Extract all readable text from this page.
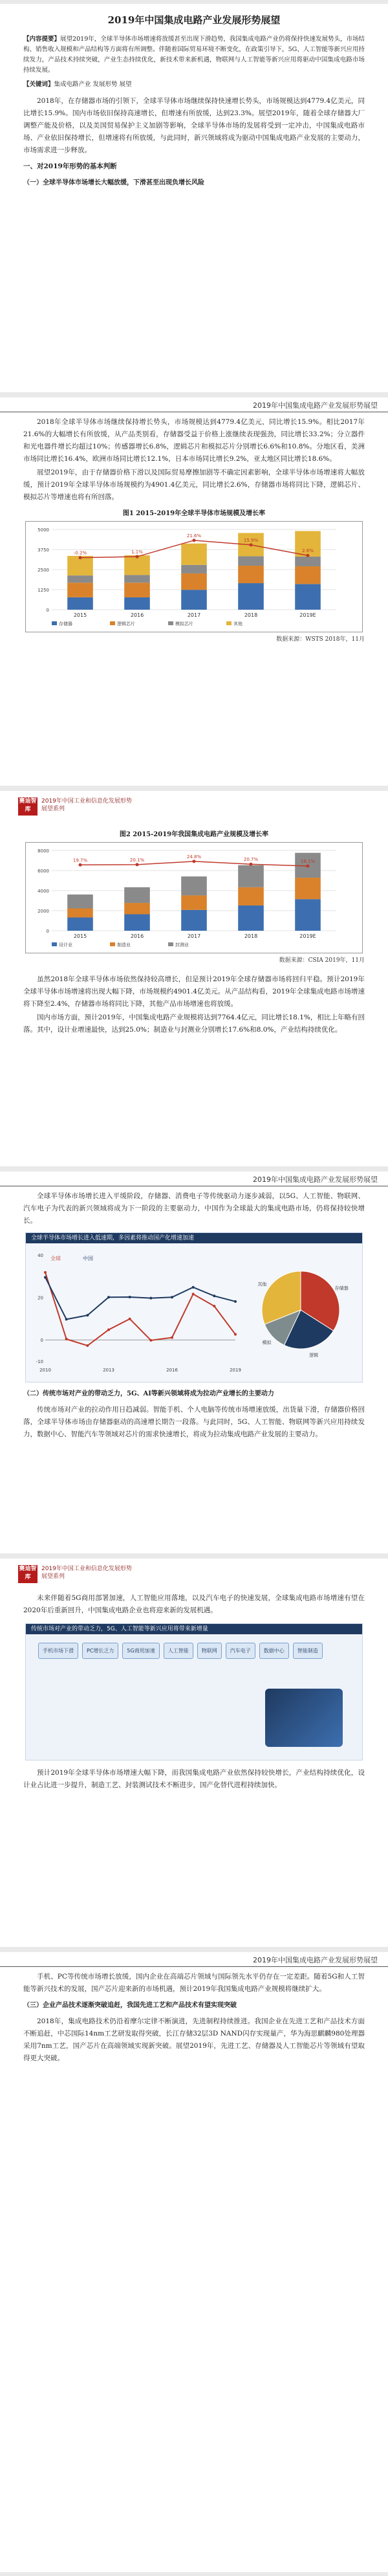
2019年中国集成电路产业发展形势展望
【内容提要】展望2019年，全球半导体市场增速将放缓甚至出现下滑趋势，我国集成电路产业仍将保持快速发展势头，市场结构、销售收入规模和产品结构等方面将有所调整。伴随着国际贸易环境不断变化，在政策引导下，5G、人工智能等新兴应用持续发力，产品技术持续突破，产业生态持续优化，新技术带来新机遇，物联网与人工智能等新兴应用将驱动中国集成电路市场持续发展。
【关键词】集成电路产业 发展形势 展望

2018年，在存储器市场的引领下，全球半导体市场继续保持快速增长势头，市场规模达到4779.4亿美元，同比增长15.9%。国内市场依旧保持高速增长，但增速有所放缓，达到23.3%。展望2019年，随着全球存储器大厂调整产能及价格，以及美国贸易保护主义加剧等影响，全球半导体市场的发展将受到一定冲击，中国集成电路市场、产业依旧保持增长，但增速将有所放缓，与此同时，新兴领域将成为驱动中国集成电路产业发展的主要动力，市场需求进一步释放。

一、对2019年形势的基本判断
（一）全球半导体市场增长大幅放缓，下滑甚至出现负增长风险
2019年中国集成电路产业发展形势展望

2018年全球半导体市场继续保持增长势头，市场规模达到4779.4亿美元，同比增长15.9%。相比2017年21.6%的大幅增长有所放缓，从产品类别看，存储器受益于价格上涨继续表现强劲，同比增长33.2%；分立器件和光电器件增长均超过10%；传感器增长6.8%，逻辑芯片和模拟芯片分别增长6.6%和10.8%。分地区看，美洲市场同比增长16.4%，欧洲市场同比增长12.1%，日本市场同比增长9.2%，亚太地区同比增长18.6%。

展望2019年，由于存储器价格下滑以及国际贸易摩擦加剧等不确定因素影响，全球半导体市场增速将大幅放缓，预计2019年全球半导体市场规模约为4901.4亿美元，同比增长2.6%，存储器市场将同比下降，逻辑芯片、模拟芯片等增速也将有所回落。

图1 2015-2019年全球半导体市场规模及增长率
0
1250
2500
3750
5000
2015	2016	2017	2018	2019E
-0.2%	1.1%
21.6%
15.9%
2.6%
存储器	逻辑芯片	模拟芯片	其他
数据来源：WSTS 2018年，11月
赛迪智库
2019年中国工业和信息化发展形势展望系列
图2 2015-2019年我国集成电路产业规模及增长率
0
2000
4000
6000
8000
2015	2016	2017	2018	2019E
19.7%	20.1%
24.8%
20.7%	18.1%
设计业	制造业	封测业
数据来源：CSIA 2019年，11月

虽然2018年全球半导体市场依然保持较高增长，但是预计2019年全球存储器市场将回归平稳。预计2019年全球半导体市场增速将出现大幅下降，市场规模约4901.4亿美元。从产品结构看，2019年全球集成电路市场增速将下降至2.4%，存储器市场将同比下降，其他产品市场增速也将放缓。

国内市场方面，预计2019年，中国集成电路产业规模将达到7764.4亿元，同比增长18.1%，相比上年略有回落。其中，设计业增速最快，达到25.0%；制造业与封测业分别增长17.6%和8.0%，产业结构持续优化。

2019年中国集成电路产业发展形势展望

全球半导体市场增长进入平缓阶段，存储器、消费电子等传统驱动力逐步减弱，以5G、人工智能、物联网、汽车电子为代表的新兴领域将成为下一阶段的主要驱动力，中国作为全球最大的集成电路市场，仍将保持较快增长。

全球半导体市场增长进入低速期，多因素将推动国产化增速加速
-10
0
20
40 全球	中国
2010	2013	2016	2019
存储器
逻辑
模拟
其他
（二）传统市场对产业的带动乏力，5G、AI等新兴领域将成为拉动产业增长的主要动力

传统市场对产业的拉动作用日趋减弱。智能手机、个人电脑等传统市场增速放缓，出货量下滑，存储器价格回落，全球半导体市场由存储器驱动的高速增长期告一段落。与此同时，5G、人工智能、物联网等新兴应用持续发力，数据中心、智能汽车等领域对芯片的需求快速增长，将成为拉动集成电路产业发展的主要动力。

赛迪智库
2019年中国工业和信息化发展形势展望系列

未来伴随着5G商用部署加速，人工智能应用落地，以及汽车电子的快速发展，全球集成电路市场增速有望在2020年后重新回升，中国集成电路企业也将迎来新的发展机遇。

传统市场对产业的带动乏力，5G、人工智能等新兴应用将带来新增量
手机市场下滑	PC增长乏力	5G商用加速	人工智能	物联网	汽车电子	数据中心	智能制造

预计2019年全球半导体市场增速大幅下降，而我国集成电路产业依然保持较快增长，产业结构持续优化，设计业占比进一步提升，制造工艺、封装测试技术不断进步，国产化替代进程持续加快。

2019年中国集成电路产业发展形势展望

手机、PC等传统市场增长放缓，国内企业在高端芯片领域与国际领先水平仍存在一定差距。随着5G和人工智能等新兴技术的发展，国产芯片迎来新的市场机遇，预计2019年我国集成电路产业规模将继续扩大。

（三）企业产品技术逐渐突破追赶，我国先进工艺和产品技术有望实现突破

2018年，集成电路技术仍沿着摩尔定律不断演进，先进制程持续推进。我国企业在先进工艺和产品技术方面不断追赶，中芯国际14nm工艺研发取得突破，长江存储32层3D NAND闪存实现量产，华为海思麒麟980处理器采用7nm工艺，国产芯片在高端领域实现新突破。展望2019年，先进工艺、存储器及人工智能芯片等领域有望取得更大突破。
